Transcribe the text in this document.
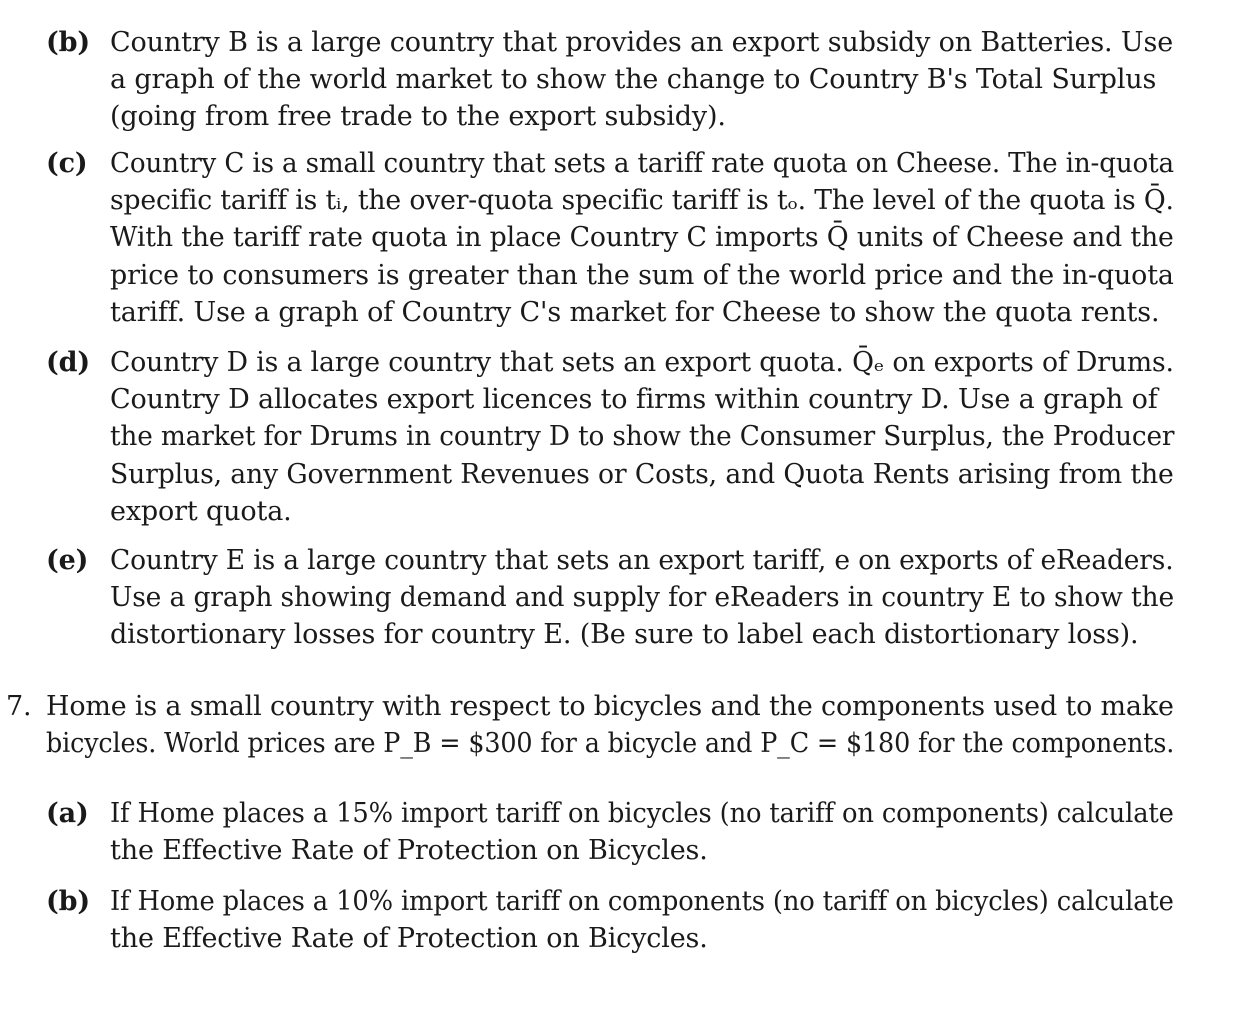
(b) Country B is a large country that provides an export subsidy on Batteries. Use
a graph of the world market to show the change to Country B's Total Surplus
(going from free trade to the export subsidy).
(c) Country C is a small country that sets a tariff rate quota on Cheese. The in-quota
specific tariff is tᵢ, the over-quota specific tariff is tₒ. The level of the quota is Q̄.
With the tariff rate quota in place Country C imports Q̄ units of Cheese and the
price to consumers is greater than the sum of the world price and the in-quota
tariff. Use a graph of Country C's market for Cheese to show the quota rents.
(d) Country D is a large country that sets an export quota. Q̄ₑ on exports of Drums.
Country D allocates export licences to firms within country D. Use a graph of
the market for Drums in country D to show the Consumer Surplus, the Producer
Surplus, any Government Revenues or Costs, and Quota Rents arising from the
export quota.
(e) Country E is a large country that sets an export tariff, e on exports of eReaders.
Use a graph showing demand and supply for eReaders in country E to show the
distortionary losses for country E. (Be sure to label each distortionary loss).
7. Home is a small country with respect to bicycles and the components used to make
bicycles. World prices are P_B = $300 for a bicycle and P_C = $180 for the components.
(a) If Home places a 15% import tariff on bicycles (no tariff on components) calculate
the Effective Rate of Protection on Bicycles.
(b) If Home places a 10% import tariff on components (no tariff on bicycles) calculate
the Effective Rate of Protection on Bicycles.
